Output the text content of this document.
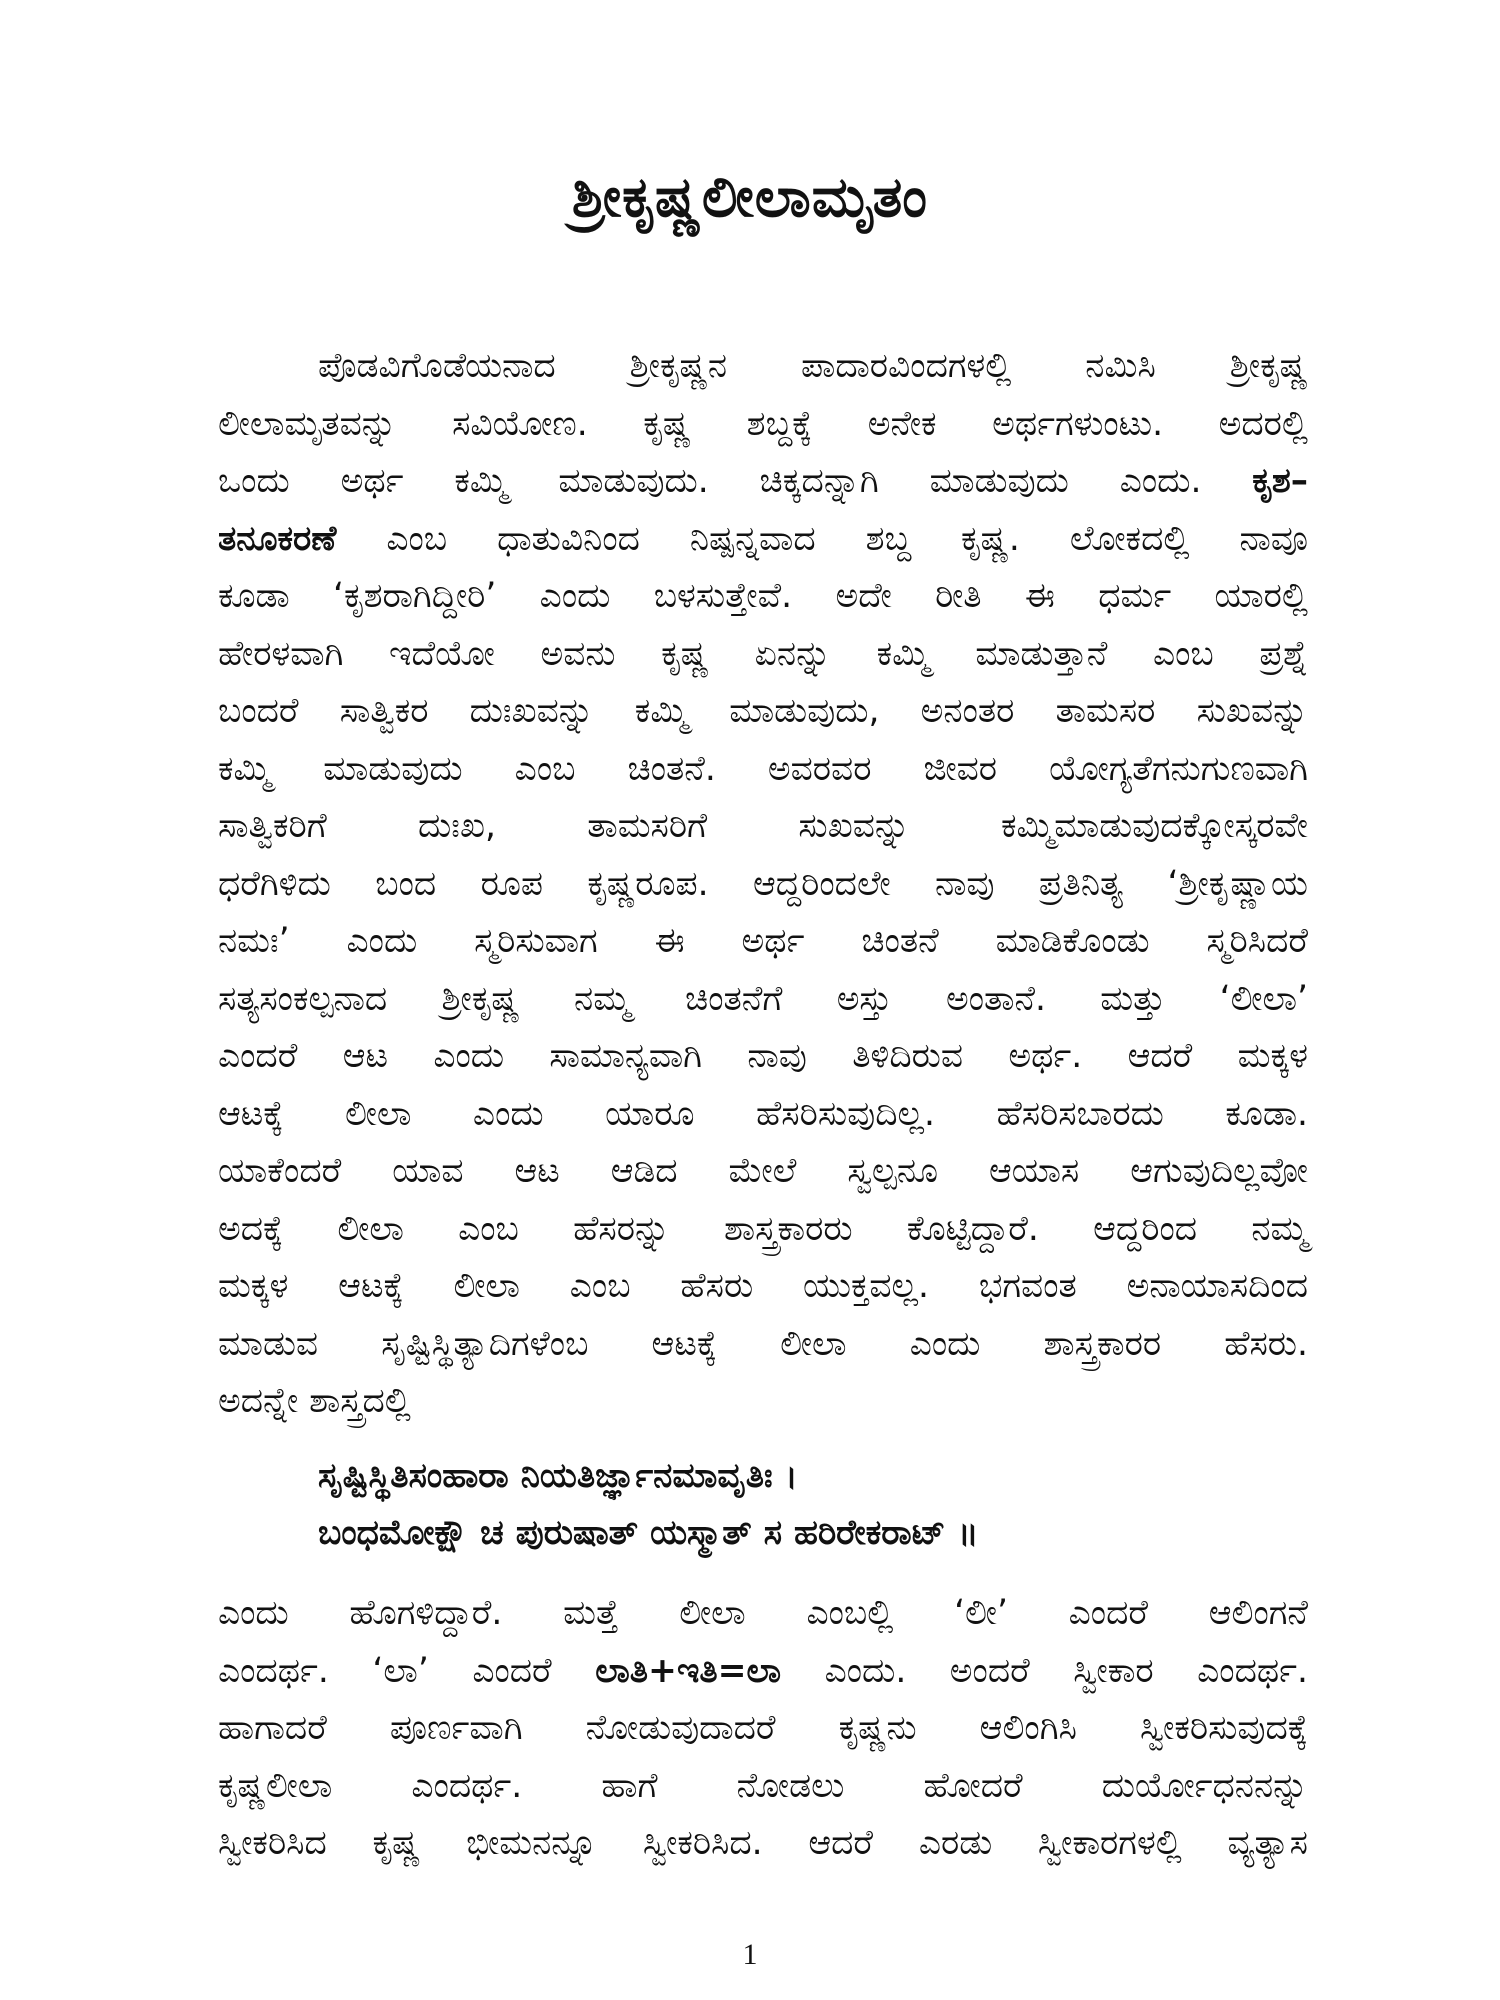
ಶ್ರೀಕೃಷ್ಣಲೀಲಾಮೃತಂ
ಪೊಡವಿಗೊಡೆಯನಾದ ಶ್ರೀಕೃಷ್ಣನ ಪಾದಾರವಿಂದಗಳಲ್ಲಿ ನಮಿಸಿ ಶ್ರೀಕೃಷ್ಣ
ಲೀಲಾಮೃತವನ್ನು ಸವಿಯೋಣ. ಕೃಷ್ಣ ಶಬ್ದಕ್ಕೆ ಅನೇಕ ಅರ್ಥಗಳುಂಟು. ಅದರಲ್ಲಿ
ಒಂದು ಅರ್ಥ ಕಮ್ಮಿ ಮಾಡುವುದು. ಚಿಕ್ಕದನ್ನಾಗಿ ಮಾಡುವುದು ಎಂದು. ಕೃಶ–
ತನೂಕರಣೆ ಎಂಬ ಧಾತುವಿನಿಂದ ನಿಷ್ಪನ್ನವಾದ ಶಬ್ದ ಕೃಷ್ಣ. ಲೋಕದಲ್ಲಿ ನಾವೂ
ಕೂಡಾ ‘ಕೃಶರಾಗಿದ್ದೀರಿ’ ಎಂದು ಬಳಸುತ್ತೇವೆ. ಅದೇ ರೀತಿ ಈ ಧರ್ಮ ಯಾರಲ್ಲಿ
ಹೇರಳವಾಗಿ ಇದೆಯೋ ಅವನು ಕೃಷ್ಣ ಏನನ್ನು ಕಮ್ಮಿ ಮಾಡುತ್ತಾನೆ ಎಂಬ ಪ್ರಶ್ನೆ
ಬಂದರೆ ಸಾತ್ವಿಕರ ದುಃಖವನ್ನು ಕಮ್ಮಿ ಮಾಡುವುದು, ಅನಂತರ ತಾಮಸರ ಸುಖವನ್ನು
ಕಮ್ಮಿ ಮಾಡುವುದು ಎಂಬ ಚಿಂತನೆ. ಅವರವರ ಜೀವರ ಯೋಗ್ಯತೆಗನುಗುಣವಾಗಿ
ಸಾತ್ವಿಕರಿಗೆ ದುಃಖ, ತಾಮಸರಿಗೆ ಸುಖವನ್ನು ಕಮ್ಮಿಮಾಡುವುದಕ್ಕೋಸ್ಕರವೇ
ಧರೆಗಿಳಿದು ಬಂದ ರೂಪ ಕೃಷ್ಣರೂಪ. ಆದ್ದರಿಂದಲೇ ನಾವು ಪ್ರತಿನಿತ್ಯ ‘ಶ್ರೀಕೃಷ್ಣಾಯ
ನಮಃ’ ಎಂದು ಸ್ಮರಿಸುವಾಗ ಈ ಅರ್ಥ ಚಿಂತನೆ ಮಾಡಿಕೊಂಡು ಸ್ಮರಿಸಿದರೆ
ಸತ್ಯಸಂಕಲ್ಪನಾದ ಶ್ರೀಕೃಷ್ಣ ನಮ್ಮ ಚಿಂತನೆಗೆ ಅಸ್ತು ಅಂತಾನೆ. ಮತ್ತು ‘ಲೀಲಾ’
ಎಂದರೆ ಆಟ ಎಂದು ಸಾಮಾನ್ಯವಾಗಿ ನಾವು ತಿಳಿದಿರುವ ಅರ್ಥ. ಆದರೆ ಮಕ್ಕಳ
ಆಟಕ್ಕೆ ಲೀಲಾ ಎಂದು ಯಾರೂ ಹೆಸರಿಸುವುದಿಲ್ಲ. ಹೆಸರಿಸಬಾರದು ಕೂಡಾ.
ಯಾಕೆಂದರೆ ಯಾವ ಆಟ ಆಡಿದ ಮೇಲೆ ಸ್ವಲ್ಪನೂ ಆಯಾಸ ಆಗುವುದಿಲ್ಲವೋ
ಅದಕ್ಕೆ ಲೀಲಾ ಎಂಬ ಹೆಸರನ್ನು ಶಾಸ್ತ್ರಕಾರರು ಕೊಟ್ಟಿದ್ದಾರೆ. ಆದ್ದರಿಂದ ನಮ್ಮ
ಮಕ್ಕಳ ಆಟಕ್ಕೆ ಲೀಲಾ ಎಂಬ ಹೆಸರು ಯುಕ್ತವಲ್ಲ. ಭಗವಂತ ಅನಾಯಾಸದಿಂದ
ಮಾಡುವ ಸೃಷ್ಟಿಸ್ಥಿತ್ಯಾದಿಗಳೆಂಬ ಆಟಕ್ಕೆ ಲೀಲಾ ಎಂದು ಶಾಸ್ತ್ರಕಾರರ ಹೆಸರು.
ಅದನ್ನೇ ಶಾಸ್ತ್ರದಲ್ಲಿ
ಸೃಷ್ಟಿಸ್ಥಿತಿಸಂಹಾರಾ ನಿಯತಿರ್ಜ್ಞಾನಮಾವೃತಿಃ ।
ಬಂಧಮೋಕ್ಷೌ ಚ ಪುರುಷಾತ್ ಯಸ್ಮಾತ್ ಸ ಹರಿರೇಕರಾಟ್ ॥
ಎಂದು ಹೊಗಳಿದ್ದಾರೆ. ಮತ್ತೆ ಲೀಲಾ ಎಂಬಲ್ಲಿ ‘ಲೀ’ ಎಂದರೆ ಆಲಿಂಗನೆ
ಎಂದರ್ಥ. ‘ಲಾ’ ಎಂದರೆ ಲಾತಿ+ಇತಿ=ಲಾ ಎಂದು. ಅಂದರೆ ಸ್ವೀಕಾರ ಎಂದರ್ಥ.
ಹಾಗಾದರೆ ಪೂರ್ಣವಾಗಿ ನೋಡುವುದಾದರೆ ಕೃಷ್ಣನು ಆಲಿಂಗಿಸಿ ಸ್ವೀಕರಿಸುವುದಕ್ಕೆ
ಕೃಷ್ಣಲೀಲಾ ಎಂದರ್ಥ. ಹಾಗೆ ನೋಡಲು ಹೋದರೆ ದುರ್ಯೋಧನನನ್ನು
ಸ್ವೀಕರಿಸಿದ ಕೃಷ್ಣ ಭೀಮನನ್ನೂ ಸ್ವೀಕರಿಸಿದ. ಆದರೆ ಎರಡು ಸ್ವೀಕಾರಗಳಲ್ಲಿ ವ್ಯತ್ಯಾಸ
1
